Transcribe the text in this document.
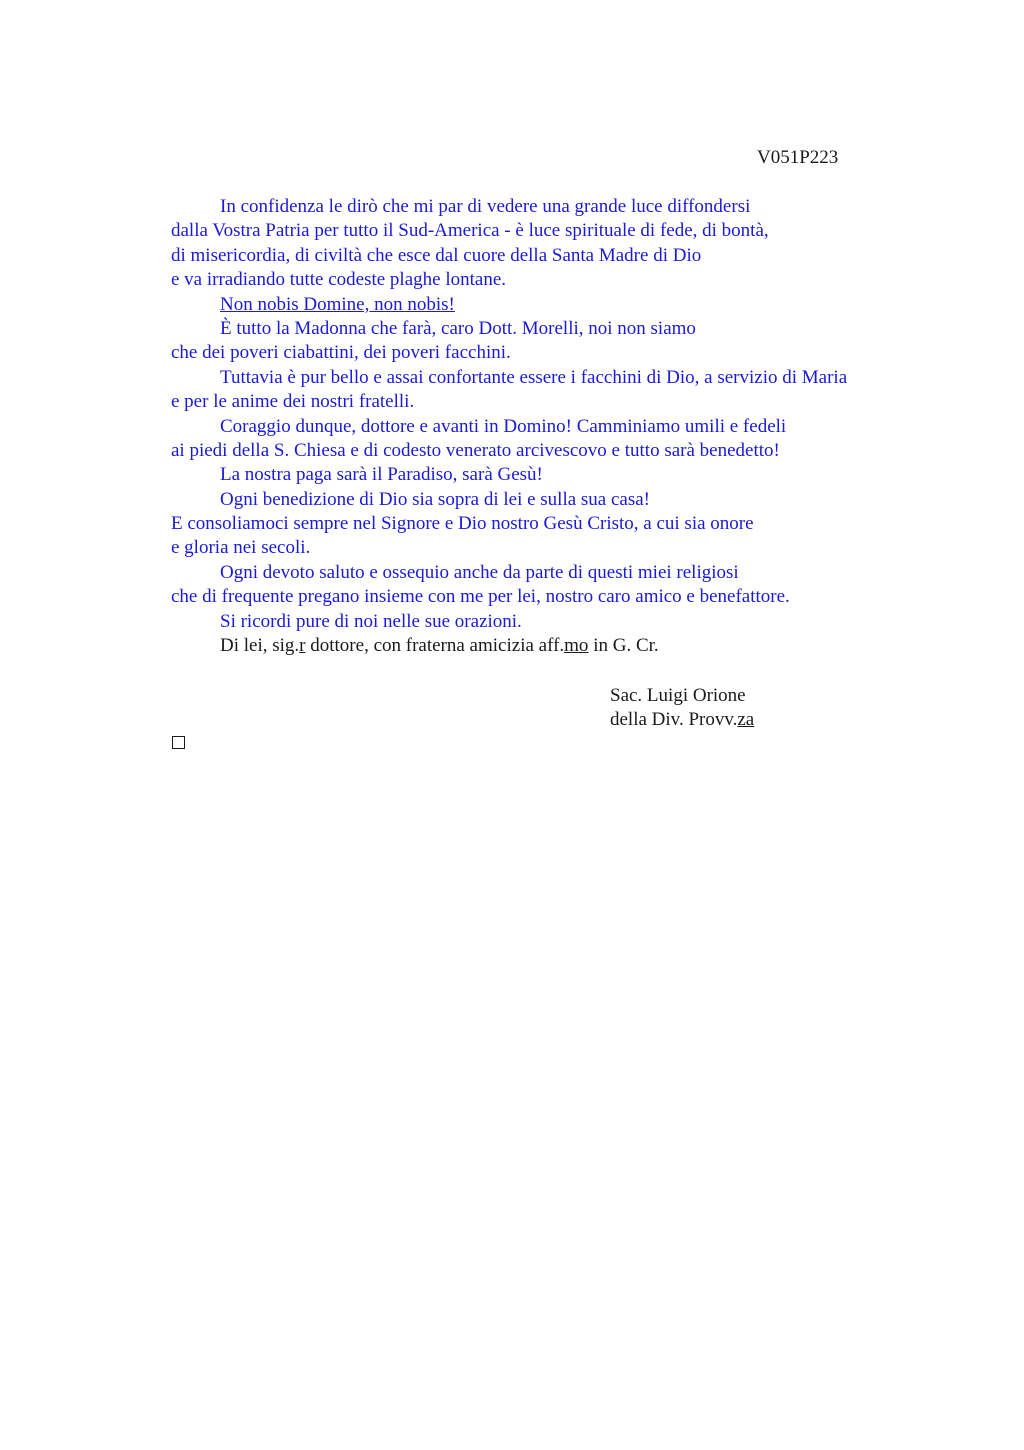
V051P223
In confidenza le dirò che mi par di vedere una grande luce diffondersi
dalla Vostra Patria per tutto il Sud-America - è luce spirituale di fede, di bontà,
di misericordia, di civiltà che esce dal cuore della Santa Madre di Dio
e va irradiando tutte codeste plaghe lontane.
Non nobis Domine, non nobis!
È tutto la Madonna che farà, caro Dott. Morelli, noi non siamo
che dei poveri ciabattini, dei poveri facchini.
Tuttavia è pur bello e assai confortante essere i facchini di Dio, a servizio di Maria
e per le anime dei nostri fratelli.
Coraggio dunque, dottore e avanti in Domino! Camminiamo umili e fedeli
ai piedi della S. Chiesa e di codesto venerato arcivescovo e tutto sarà benedetto!
La nostra paga sarà il Paradiso, sarà Gesù!
Ogni benedizione di Dio sia sopra di lei e sulla sua casa!
E consoliamoci sempre nel Signore e Dio nostro Gesù Cristo, a cui sia onore
e gloria nei secoli.
Ogni devoto saluto e ossequio anche da parte di questi miei religiosi
che di frequente pregano insieme con me per lei, nostro caro amico e benefattore.
Si ricordi pure di noi nelle sue orazioni.
Di lei, sig.r dottore, con fraterna amicizia aff.mo in G. Cr.
Sac. Luigi Orione
della Div. Provv.za
